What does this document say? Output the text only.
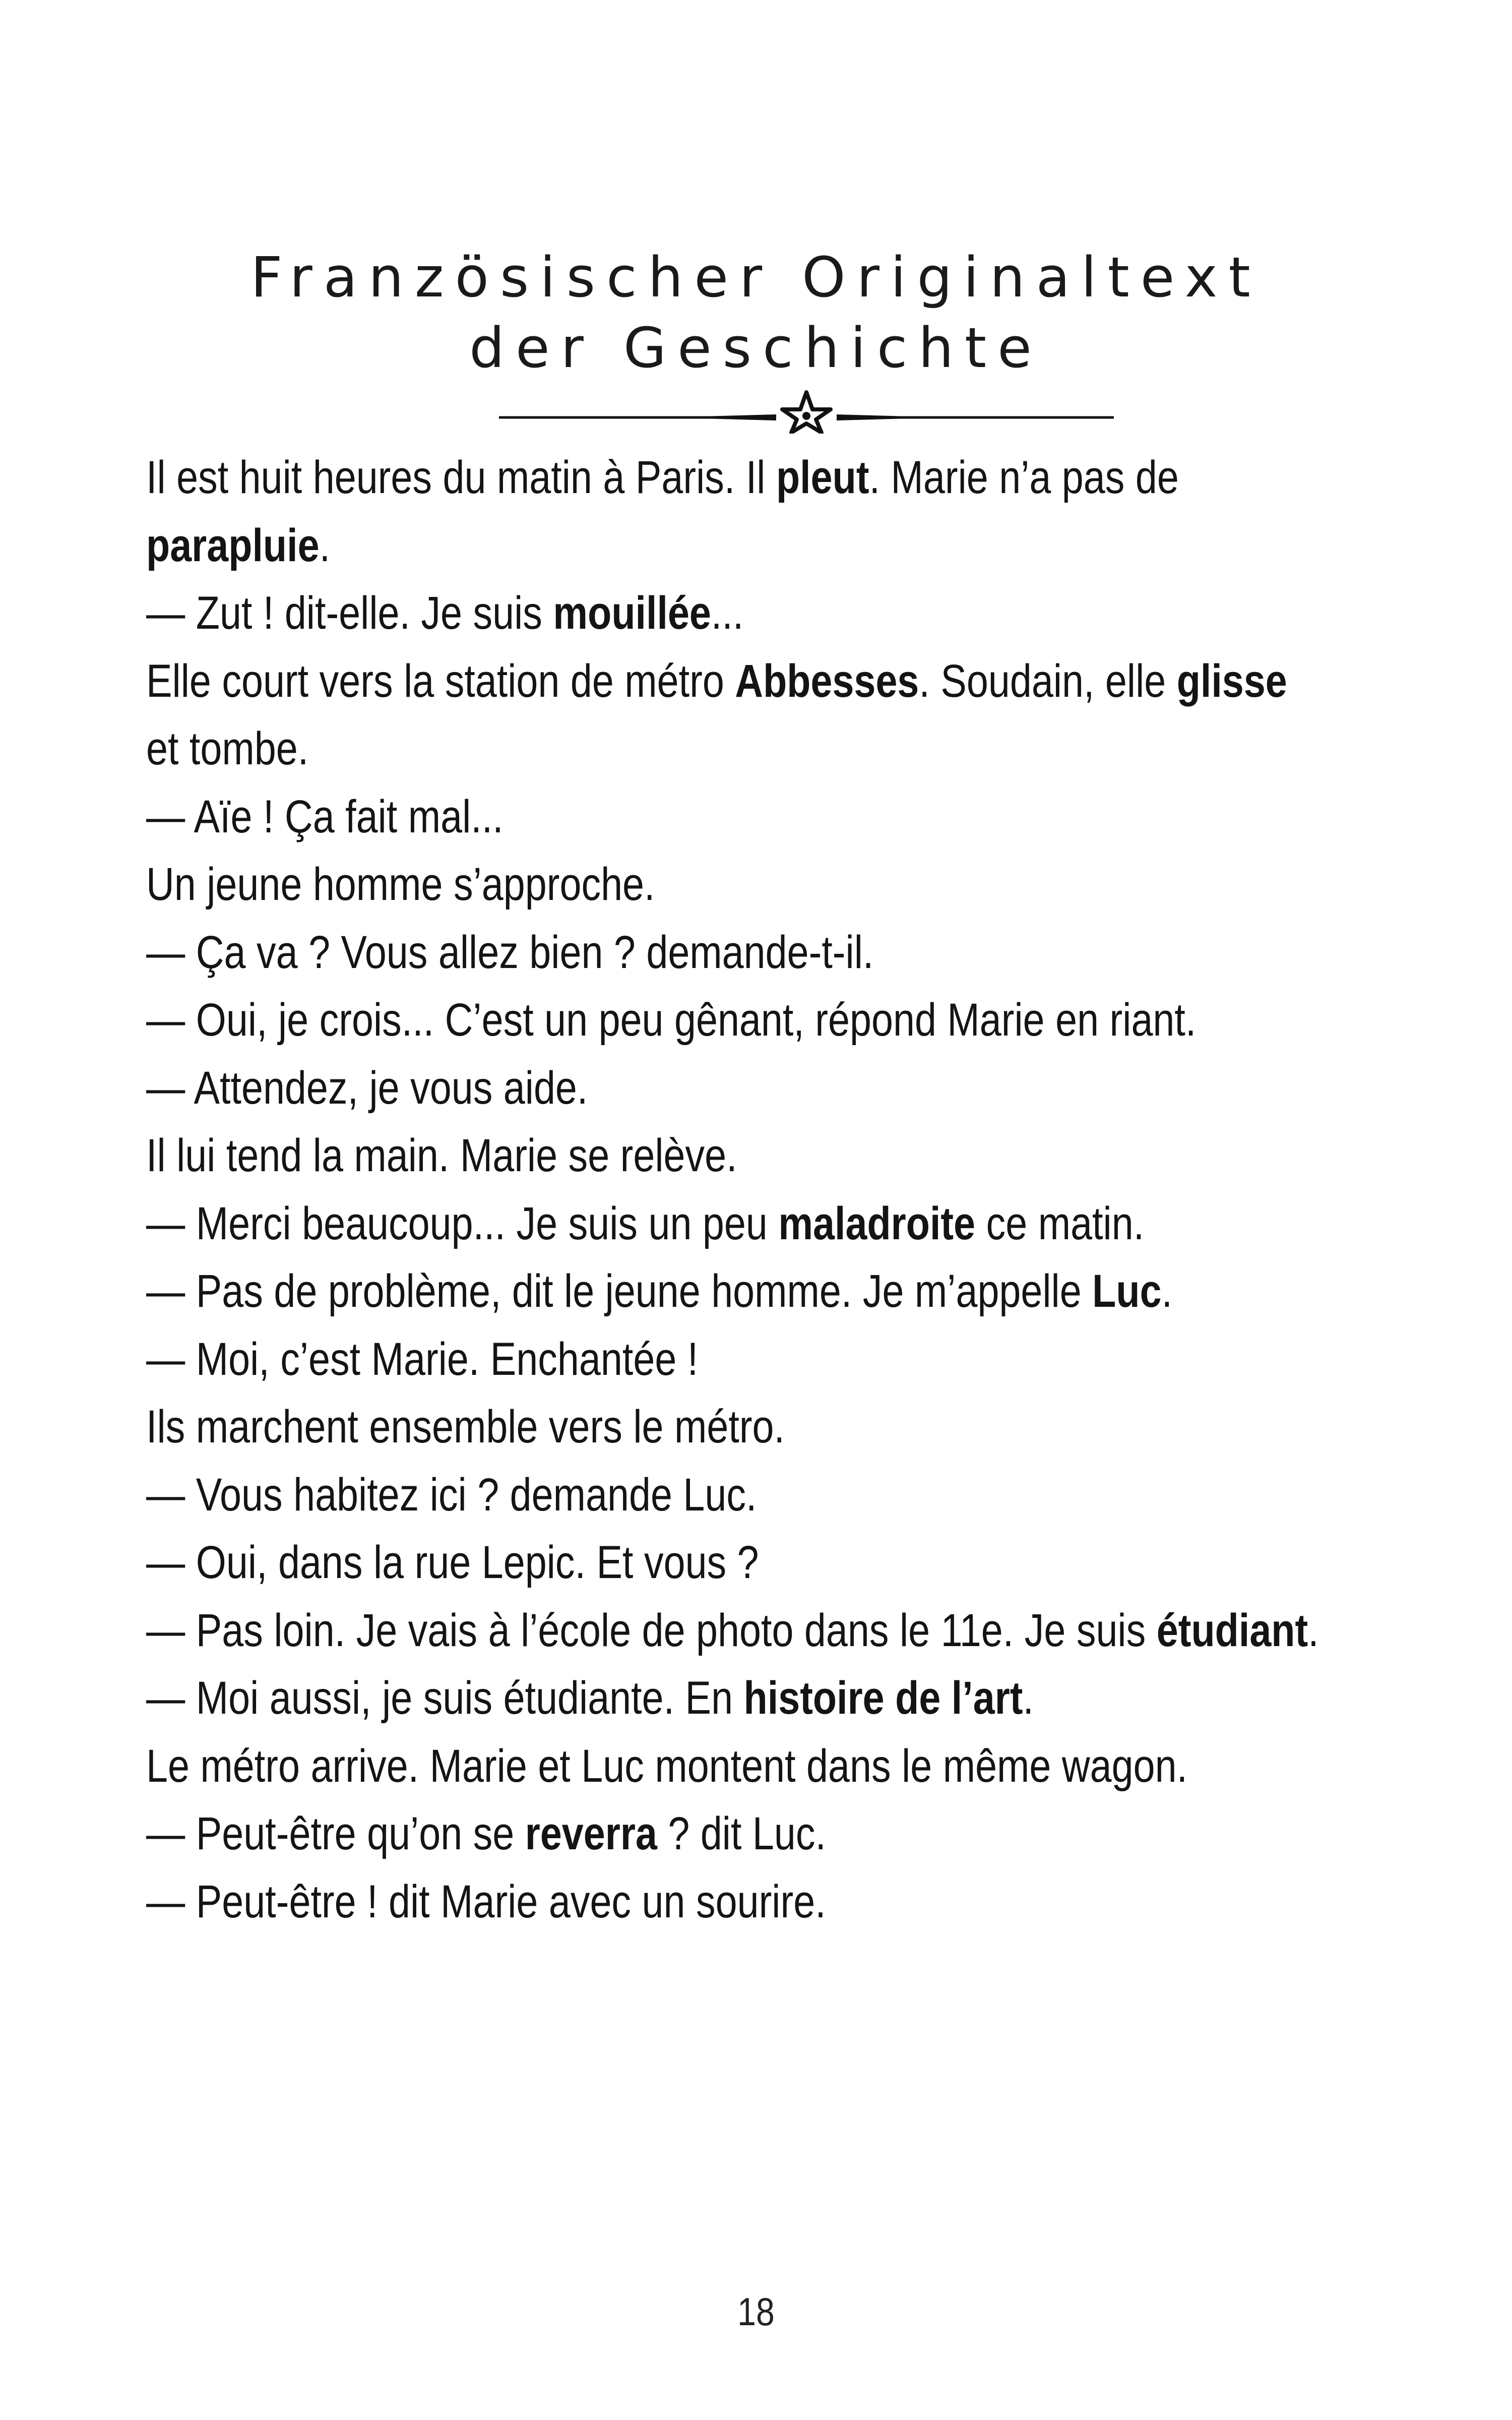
Französischer Originaltext
der Geschichte
Il est huit heures du matin à Paris. Il pleut. Marie n’a pas de
parapluie.
— Zut ! dit-elle. Je suis mouillée...
Elle court vers la station de métro Abbesses. Soudain, elle glisse
et tombe.
— Aïe ! Ça fait mal...
Un jeune homme s’approche.
— Ça va ? Vous allez bien ? demande-t-il.
— Oui, je crois... C’est un peu gênant, répond Marie en riant.
— Attendez, je vous aide.
Il lui tend la main. Marie se relève.
— Merci beaucoup... Je suis un peu maladroite ce matin.
— Pas de problème, dit le jeune homme. Je m’appelle Luc.
— Moi, c’est Marie. Enchantée !
Ils marchent ensemble vers le métro.
— Vous habitez ici ? demande Luc.
— Oui, dans la rue Lepic. Et vous ?
— Pas loin. Je vais à l’école de photo dans le 11e. Je suis étudiant.
— Moi aussi, je suis étudiante. En histoire de l’art.
Le métro arrive. Marie et Luc montent dans le même wagon.
— Peut-être qu’on se reverra ? dit Luc.
— Peut-être ! dit Marie avec un sourire.
18
